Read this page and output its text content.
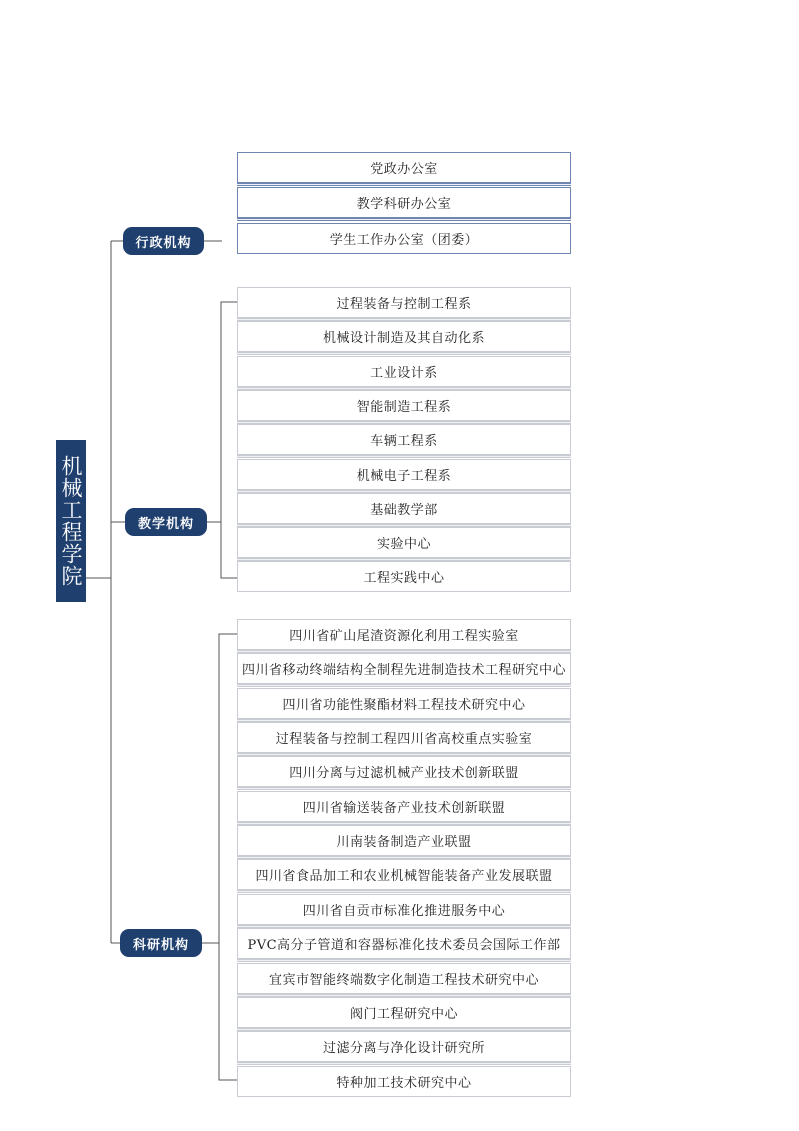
机械工程学院
行政机构
教学机构
科研机构
党政办公室
教学科研办公室
学生工作办公室（团委）
过程装备与控制工程系
机械设计制造及其自动化系
工业设计系
智能制造工程系
车辆工程系
机械电子工程系
基础教学部
实验中心
工程实践中心
四川省矿山尾渣资源化利用工程实验室
四川省移动终端结构全制程先进制造技术工程研究中心
四川省功能性聚酯材料工程技术研究中心
过程装备与控制工程四川省高校重点实验室
四川分离与过滤机械产业技术创新联盟
四川省输送装备产业技术创新联盟
川南装备制造产业联盟
四川省食品加工和农业机械智能装备产业发展联盟
四川省自贡市标准化推进服务中心
PVC高分子管道和容器标准化技术委员会国际工作部
宜宾市智能终端数字化制造工程技术研究中心
阀门工程研究中心
过滤分离与净化设计研究所
特种加工技术研究中心
